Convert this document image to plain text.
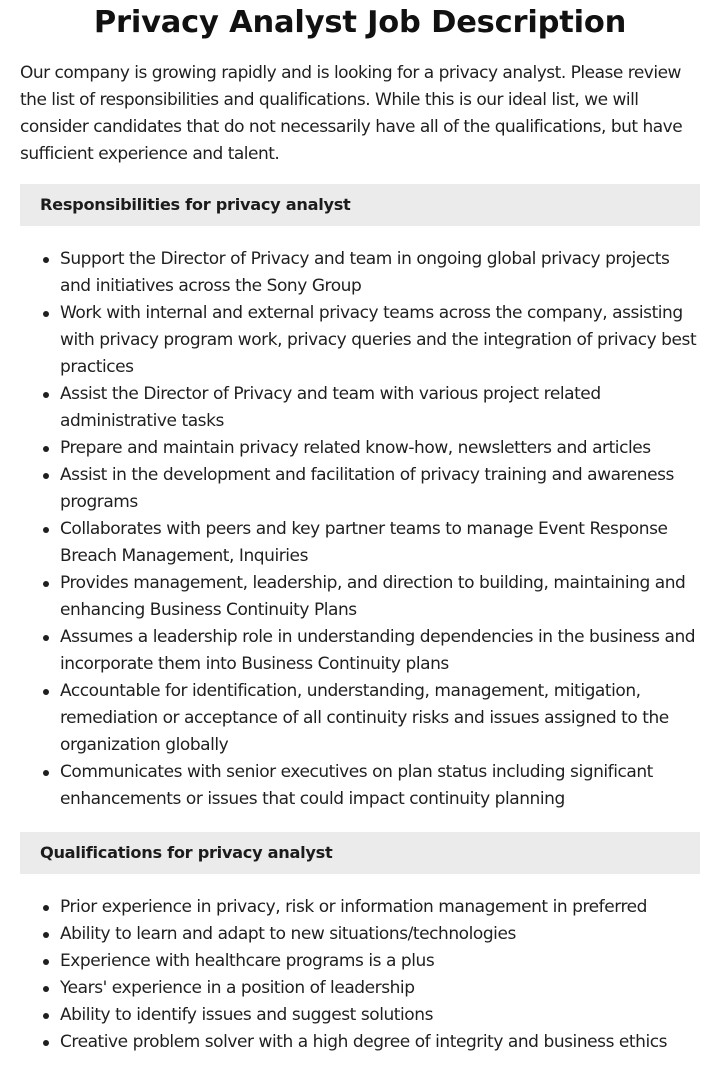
Privacy Analyst Job Description

Our company is growing rapidly and is looking for a privacy analyst. Please review the list of responsibilities and qualifications. While this is our ideal list, we will consider candidates that do not necessarily have all of the qualifications, but have sufficient experience and talent.

Responsibilities for privacy analyst
Support the Director of Privacy and team in ongoing global privacy projects and initiatives across the Sony Group
Work with internal and external privacy teams across the company, assisting with privacy program work, privacy queries and the integration of privacy best practices
Assist the Director of Privacy and team with various project related administrative tasks
Prepare and maintain privacy related know-how, newsletters and articles
Assist in the development and facilitation of privacy training and awareness programs
Collaborates with peers and key partner teams to manage Event Response Breach Management, Inquiries
Provides management, leadership, and direction to building, maintaining and enhancing Business Continuity Plans
Assumes a leadership role in understanding dependencies in the business and incorporate them into Business Continuity plans
Accountable for identification, understanding, management, mitigation, remediation or acceptance of all continuity risks and issues assigned to the organization globally
Communicates with senior executives on plan status including significant enhancements or issues that could impact continuity planning
Qualifications for privacy analyst
Prior experience in privacy, risk or information management in preferred
Ability to learn and adapt to new situations/technologies
Experience with healthcare programs is a plus
Years' experience in a position of leadership
Ability to identify issues and suggest solutions
Creative problem solver with a high degree of integrity and business ethics
